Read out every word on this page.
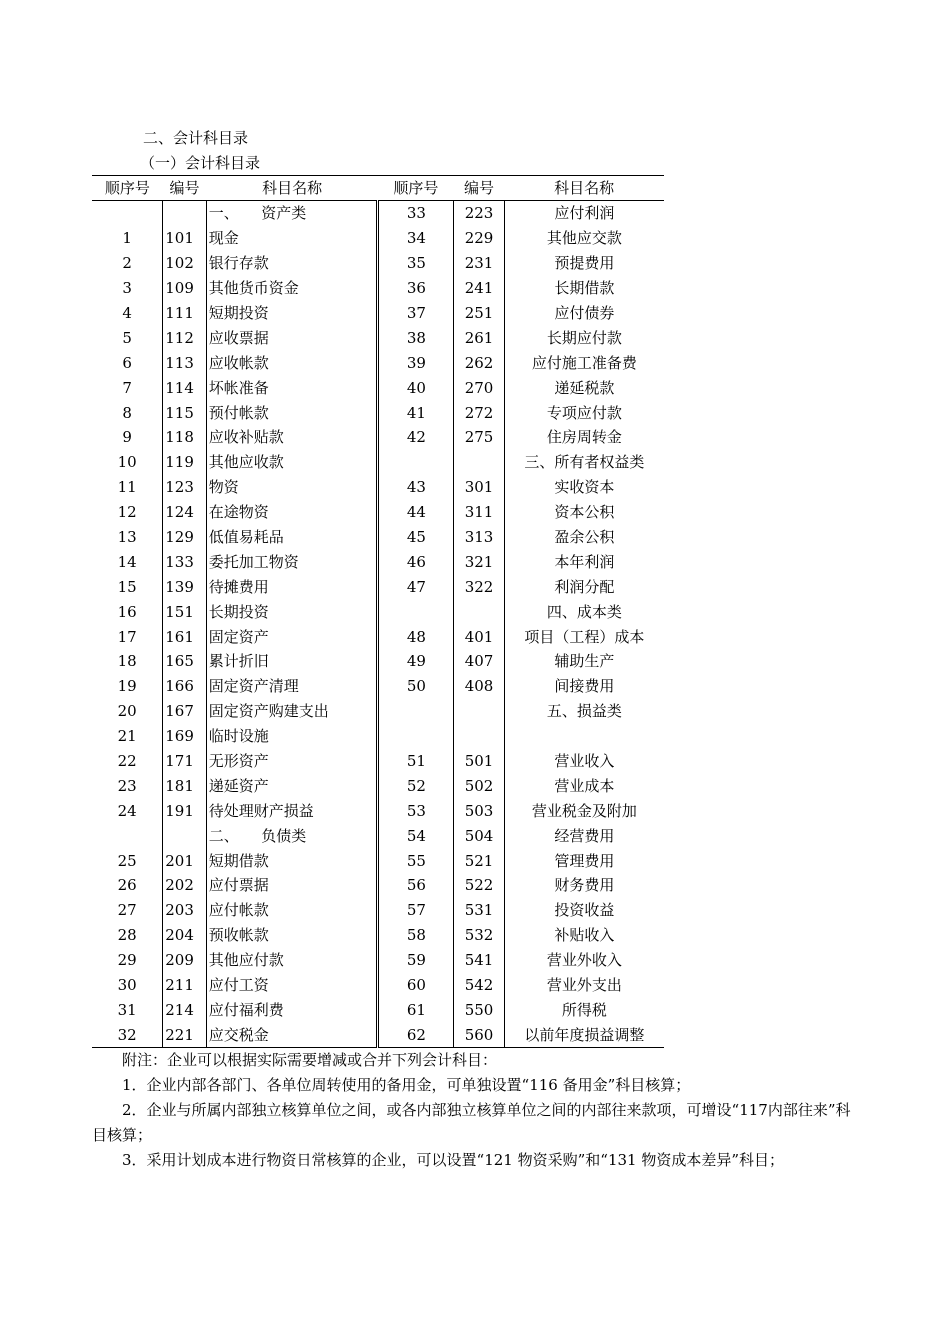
二、会计科目录
（一）会计科目录
顺序号	编号	科目名称	顺序号	编号	科目名称
		一、　　资产类	33	223	应付利润
1	101	现金	34	229	其他应交款
2	102	银行存款	35	231	预提费用
3	109	其他货币资金	36	241	长期借款
4	111	短期投资	37	251	应付债券
5	112	应收票据	38	261	长期应付款
6	113	应收帐款	39	262	应付施工准备费
7	114	坏帐准备	40	270	递延税款
8	115	预付帐款	41	272	专项应付款
9	118	应收补贴款	42	275	住房周转金
10	119	其他应收款			三、所有者权益类
11	123	物资	43	301	实收资本
12	124	在途物资	44	311	资本公积
13	129	低值易耗品	45	313	盈余公积
14	133	委托加工物资	46	321	本年利润
15	139	待摊费用	47	322	利润分配
16	151	长期投资			四、成本类
17	161	固定资产	48	401	项目（工程）成本
18	165	累计折旧	49	407	辅助生产
19	166	固定资产清理	50	408	间接费用
20	167	固定资产购建支出			五、损益类
21	169	临时设施			
22	171	无形资产	51	501	营业收入
23	181	递延资产	52	502	营业成本
24	191	待处理财产损益	53	503	营业税金及附加
		二、　　负债类	54	504	经营费用
25	201	短期借款	55	521	管理费用
26	202	应付票据	56	522	财务费用
27	203	应付帐款	57	531	投资收益
28	204	预收帐款	58	532	补贴收入
29	209	其他应付款	59	541	营业外收入
30	211	应付工资	60	542	营业外支出
31	214	应付福利费	61	550	所得税
32	221	应交税金	62	560	以前年度损益调整

附注：企业可以根据实际需要增减或合并下列会计科目：

1．企业内部各部门、各单位周转使用的备用金，可单独设置“116 备用金”科目核算；

2．企业与所属内部独立核算单位之间，或各内部独立核算单位之间的内部往来款项，可增设“117内部往来”科目核算；

3．采用计划成本进行物资日常核算的企业，可以设置“121 物资采购”和“131 物资成本差异”科目；
